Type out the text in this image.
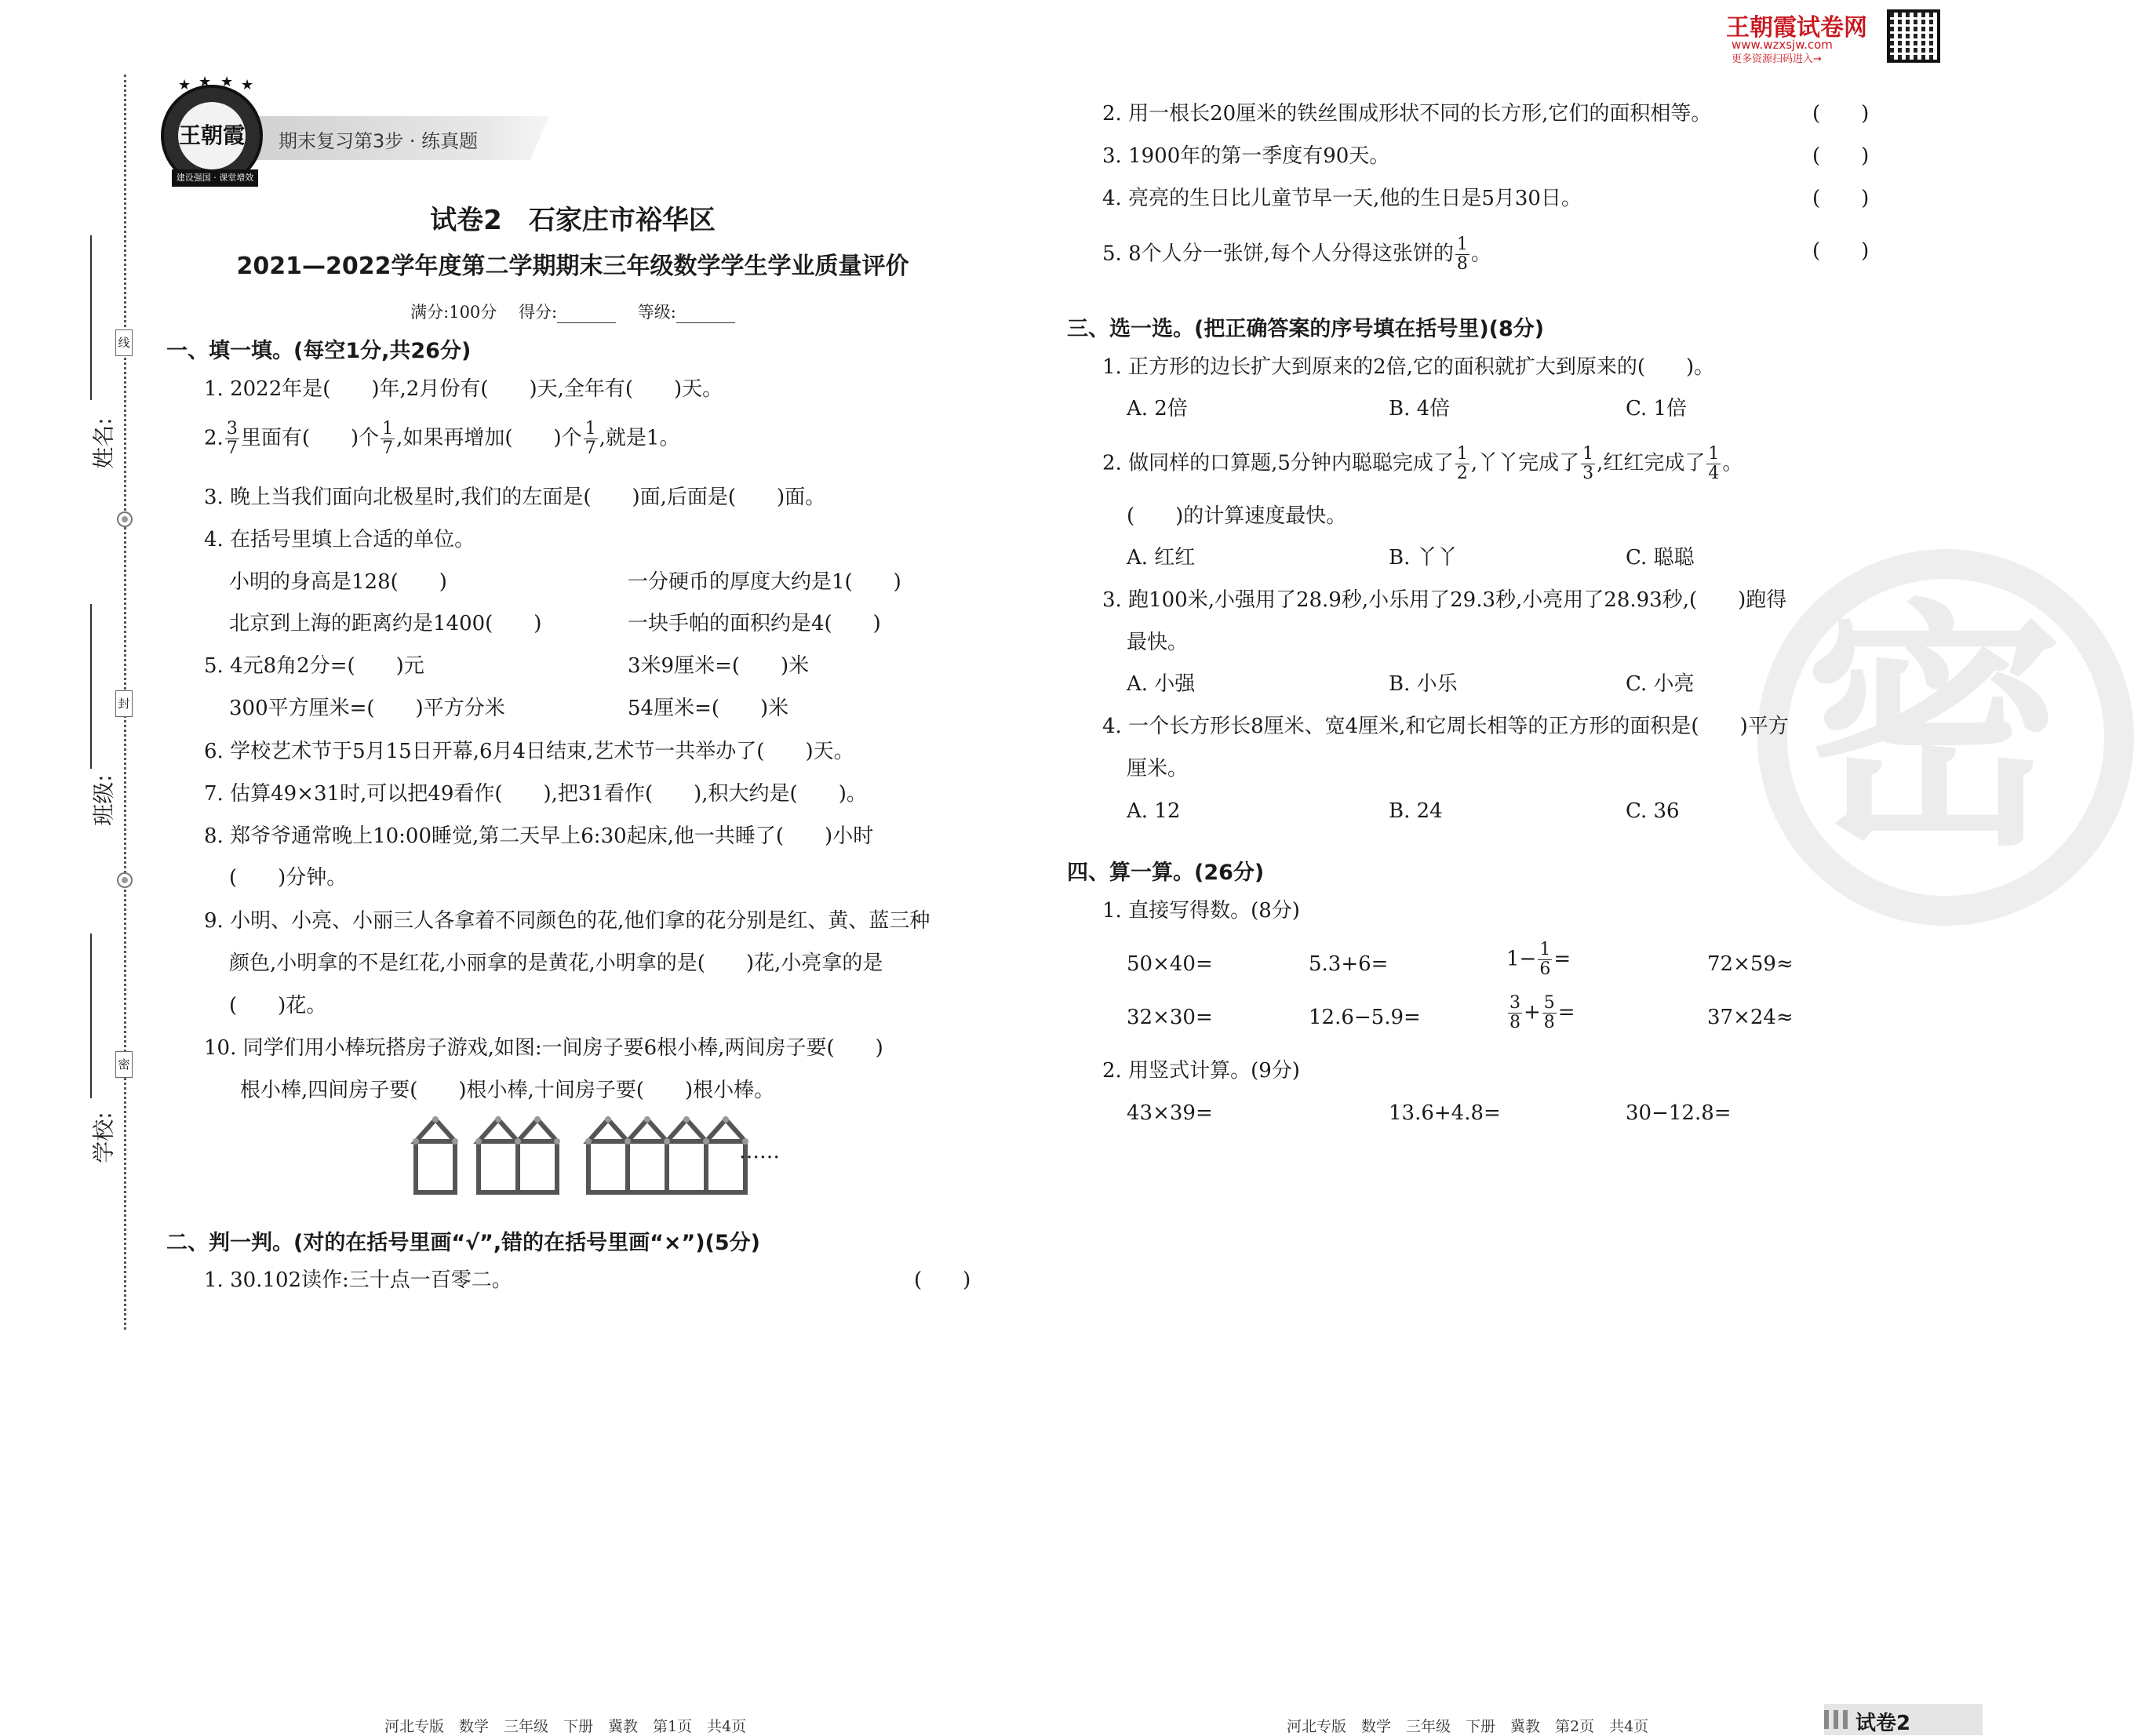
密
王朝霞试卷网
www.wzxsjw.com
更多资源扫码进入→
线
封
密
姓名:
班级:
学校:
期末复习第3步 · 练真题
★ ★ ★ ★
王朝霞
建设强国 · 课堂增效
试卷2　石家庄市裕华区
2021—2022学年度第二学期期末三年级数学学生学业质量评价
满分:100分　 得分:　	等级:
一、填一填。(每空1分,共26分)
1. 2022年是(　　)年,2月份有(　　)天,全年有(　　)天。
2. $\frac{3}{7}$ 里面有(　　)个 $\frac{1}{7}$ ,如果再增加(　　)个 $\frac{1}{7}$ ,就是1。
3. 晚上当我们面向北极星时,我们的左面是(　　)面,后面是(　　)面。
4. 在括号里填上合适的单位。
小明的身高是128(　　)	一分硬币的厚度大约是1(　　)
北京到上海的距离约是1400(　　)	一块手帕的面积约是4(　　)
5. 4元8角2分=(　　)元	3米9厘米=(　　)米
300平方厘米=(　　)平方分米	54厘米=(　　)米
6. 学校艺术节于5月15日开幕,6月4日结束,艺术节一共举办了(　　)天。
7. 估算49×31时,可以把49看作(　　),把31看作(　　),积大约是(　　)。
8. 郑爷爷通常晚上10:00睡觉,第二天早上6:30起床,他一共睡了(　　)小时
(　　)分钟。
9. 小明、小亮、小丽三人各拿着不同颜色的花,他们拿的花分别是红、黄、蓝三种
颜色,小明拿的不是红花,小丽拿的是黄花,小明拿的是(　　)花,小亮拿的是
(　　)花。
10. 同学们用小棒玩搭房子游戏,如图:一间房子要6根小棒,两间房子要(　　)
根小棒,四间房子要(　　)根小棒,十间房子要(　　)根小棒。
……
二、判一判。(对的在括号里画“√”,错的在括号里画“×”)(5分)
1. 30.102读作:三十点一百零二。	(　　)
2. 用一根长20厘米的铁丝围成形状不同的长方形,它们的面积相等。	(　　)
3. 1900年的第一季度有90天。	(　　)
4. 亮亮的生日比儿童节早一天,他的生日是5月30日。	(　　)
5. 8个人分一张饼,每个人分得这张饼的 $\frac{1}{8}$ 。	(　　)
三、选一选。(把正确答案的序号填在括号里)(8分)
1. 正方形的边长扩大到原来的2倍,它的面积就扩大到原来的(　　)。
A. 2倍	B. 4倍	C. 1倍
2. 做同样的口算题,5分钟内聪聪完成了 $\frac{1}{2}$ ,丫丫完成了 $\frac{1}{3}$ ,红红完成了 $\frac{1}{4}$ 。
(　　)的计算速度最快。
A. 红红	B. 丫丫	C. 聪聪
3. 跑100米,小强用了28.9秒,小乐用了29.3秒,小亮用了28.93秒,(　　)跑得
最快。
A. 小强	B. 小乐	C. 小亮
4. 一个长方形长8厘米、宽4厘米,和它周长相等的正方形的面积是(　　)平方
厘米。
A. 12	B. 24	C. 36
四、算一算。(26分)
1. 直接写得数。(8分)
50×40=	5.3+6=	$1- \frac{1}{6}$ =	72×59≈
32×30=	12.6−5.9=	$\frac{3}{8} + \frac{5}{8}$ =	37×24≈
2. 用竖式计算。(9分)
43×39=	13.6+4.8=	30−12.8=
河北专版　数学　三年级　下册　冀教　第1页　共4页	河北专版　数学　三年级　下册　冀教　第2页　共4页	试卷2
